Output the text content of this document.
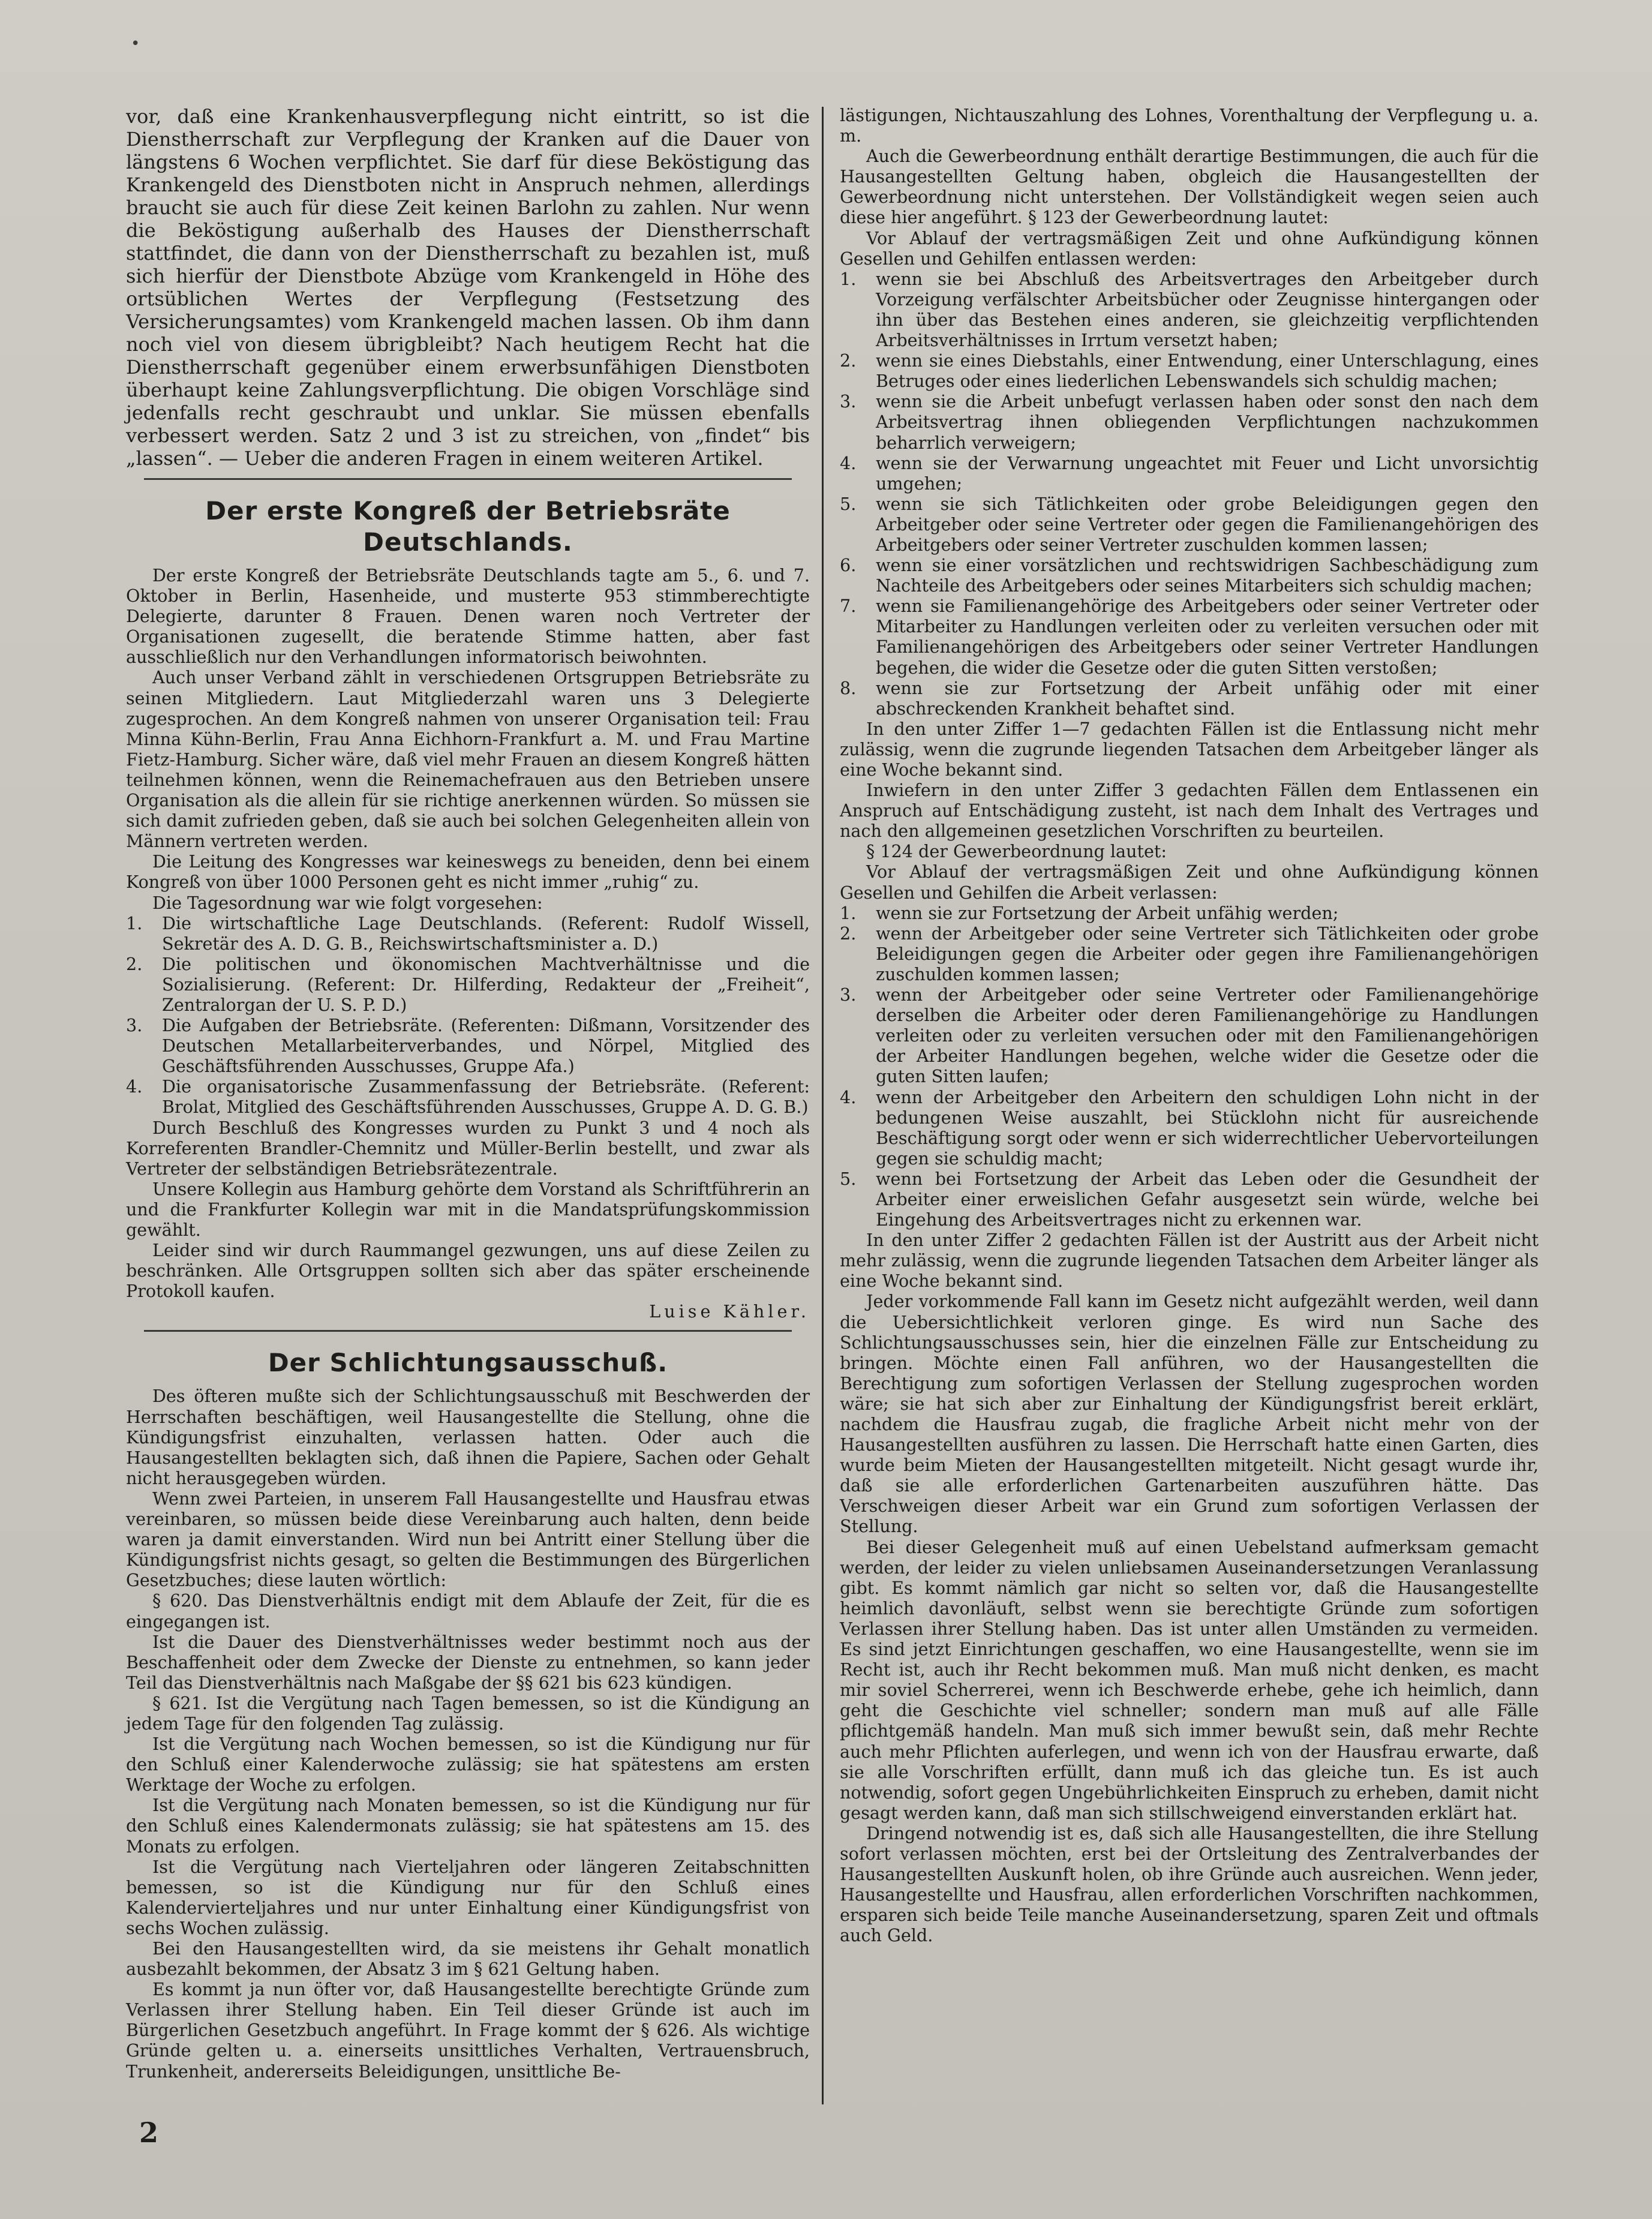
•

vor, daß eine Krankenhausverpflegung nicht eintritt, so ist die Dienstherrschaft zur Verpflegung der Kranken auf die Dauer von längstens 6 Wochen verpflichtet. Sie darf für diese Beköstigung das Krankengeld des Dienstboten nicht in Anspruch nehmen, allerdings braucht sie auch für diese Zeit keinen Barlohn zu zahlen. Nur wenn die Beköstigung außerhalb des Hauses der Dienstherrschaft stattfindet, die dann von der Dienstherrschaft zu bezahlen ist, muß sich hierfür der Dienstbote Abzüge vom Krankengeld in Höhe des ortsüblichen Wertes der Verpflegung (Festsetzung des Versicherungsamtes) vom Krankengeld machen lassen. Ob ihm dann noch viel von diesem übrigbleibt? Nach heutigem Recht hat die Dienstherrschaft gegenüber einem erwerbsunfähigen Dienstboten überhaupt keine Zahlungsverpflichtung. Die obigen Vorschläge sind jedenfalls recht geschraubt und unklar. Sie müssen ebenfalls verbessert werden. Satz 2 und 3 ist zu streichen, von „findet“ bis „lassen“. — Ueber die anderen Fragen in einem weiteren Artikel.

Der erste Kongreß der Betriebsräte Deutschlands.

Der erste Kongreß der Betriebsräte Deutschlands tagte am 5., 6. und 7. Oktober in Berlin, Hasenheide, und musterte 953 stimmberechtigte Delegierte, darunter 8 Frauen. Denen waren noch Vertreter der Organisationen zugesellt, die beratende Stimme hatten, aber fast ausschließlich nur den Verhandlungen informatorisch beiwohnten.

Auch unser Verband zählt in verschiedenen Ortsgruppen Betriebsräte zu seinen Mitgliedern. Laut Mitgliederzahl waren uns 3 Delegierte zugesprochen. An dem Kongreß nahmen von unserer Organisation teil: Frau Minna Kühn-Berlin, Frau Anna Eichhorn-Frankfurt a. M. und Frau Martine Fietz-Hamburg. Sicher wäre, daß viel mehr Frauen an diesem Kongreß hätten teilnehmen können, wenn die Reinemachefrauen aus den Betrieben unsere Organisation als die allein für sie richtige anerkennen würden. So müssen sie sich damit zufrieden geben, daß sie auch bei solchen Gelegenheiten allein von Männern vertreten werden.

Die Leitung des Kongresses war keineswegs zu beneiden, denn bei einem Kongreß von über 1000 Personen geht es nicht immer „ruhig“ zu.

Die Tagesordnung war wie folgt vorgesehen:

1.	Die wirtschaftliche Lage Deutschlands. (Referent: Rudolf Wissell, Sekretär des A. D. G. B., Reichswirtschaftsminister a. D.)
2.	Die politischen und ökonomischen Machtverhältnisse und die Sozialisierung. (Referent: Dr. Hilferding, Redakteur der „Freiheit“, Zentralorgan der U. S. P. D.)
3.	Die Aufgaben der Betriebsräte. (Referenten: Dißmann, Vorsitzender des Deutschen Metallarbeiterverbandes, und Nörpel, Mitglied des Geschäftsführenden Ausschusses, Gruppe Afa.)
4.	Die organisatorische Zusammenfassung der Betriebsräte. (Referent: Brolat, Mitglied des Geschäftsführenden Ausschusses, Gruppe A. D. G. B.)

Durch Beschluß des Kongresses wurden zu Punkt 3 und 4 noch als Korreferenten Brandler-Chemnitz und Müller-Berlin bestellt, und zwar als Vertreter der selbständigen Betriebsrätezentrale.

Unsere Kollegin aus Hamburg gehörte dem Vorstand als Schriftführerin an und die Frankfurter Kollegin war mit in die Mandatsprüfungskommission gewählt.

Leider sind wir durch Raummangel gezwungen, uns auf diese Zeilen zu beschränken. Alle Ortsgruppen sollten sich aber das später erscheinende Protokoll kaufen.

Luise Kähler.

Der Schlichtungsausschuß.

Des öfteren mußte sich der Schlichtungsausschuß mit Beschwerden der Herrschaften beschäftigen, weil Hausangestellte die Stellung, ohne die Kündigungsfrist einzuhalten, verlassen hatten. Oder auch die Hausangestellten beklagten sich, daß ihnen die Papiere, Sachen oder Gehalt nicht herausgegeben würden.

Wenn zwei Parteien, in unserem Fall Hausangestellte und Hausfrau etwas vereinbaren, so müssen beide diese Vereinbarung auch halten, denn beide waren ja damit einverstanden. Wird nun bei Antritt einer Stellung über die Kündigungsfrist nichts gesagt, so gelten die Bestimmungen des Bürgerlichen Gesetzbuches; diese lauten wörtlich:

§ 620. Das Dienstverhältnis endigt mit dem Ablaufe der Zeit, für die es eingegangen ist.

Ist die Dauer des Dienstverhältnisses weder bestimmt noch aus der Beschaffenheit oder dem Zwecke der Dienste zu entnehmen, so kann jeder Teil das Dienstverhältnis nach Maßgabe der §§ 621 bis 623 kündigen.

§ 621. Ist die Vergütung nach Tagen bemessen, so ist die Kündigung an jedem Tage für den folgenden Tag zulässig.

Ist die Vergütung nach Wochen bemessen, so ist die Kündigung nur für den Schluß einer Kalenderwoche zulässig; sie hat spätestens am ersten Werktage der Woche zu erfolgen.

Ist die Vergütung nach Monaten bemessen, so ist die Kündigung nur für den Schluß eines Kalendermonats zulässig; sie hat spätestens am 15. des Monats zu erfolgen.

Ist die Vergütung nach Vierteljahren oder längeren Zeitabschnitten bemessen, so ist die Kündigung nur für den Schluß eines Kalendervierteljahres und nur unter Einhaltung einer Kündigungsfrist von sechs Wochen zulässig.

Bei den Hausangestellten wird, da sie meistens ihr Gehalt monatlich ausbezahlt bekommen, der Absatz 3 im § 621 Geltung haben.

Es kommt ja nun öfter vor, daß Hausangestellte berechtigte Gründe zum Verlassen ihrer Stellung haben. Ein Teil dieser Gründe ist auch im Bürgerlichen Gesetzbuch angeführt. In Frage kommt der § 626. Als wichtige Gründe gelten u. a. einerseits unsittliches Verhalten, Vertrauensbruch, Trunkenheit, andererseits Beleidigungen, unsittliche Be-

lästigungen, Nichtauszahlung des Lohnes, Vorenthaltung der Verpflegung u. a. m.

Auch die Gewerbeordnung enthält derartige Bestimmungen, die auch für die Hausangestellten Geltung haben, obgleich die Hausangestellten der Gewerbeordnung nicht unterstehen. Der Vollständigkeit wegen seien auch diese hier angeführt. § 123 der Gewerbeordnung lautet:

Vor Ablauf der vertragsmäßigen Zeit und ohne Aufkündigung können Gesellen und Gehilfen entlassen werden:

1.	wenn sie bei Abschluß des Arbeitsvertrages den Arbeitgeber durch Vorzeigung verfälschter Arbeitsbücher oder Zeugnisse hintergangen oder ihn über das Bestehen eines anderen, sie gleichzeitig verpflichtenden Arbeitsverhältnisses in Irrtum versetzt haben;
2.	wenn sie eines Diebstahls, einer Entwendung, einer Unterschlagung, eines Betruges oder eines liederlichen Lebenswandels sich schuldig machen;
3.	wenn sie die Arbeit unbefugt verlassen haben oder sonst den nach dem Arbeitsvertrag ihnen obliegenden Verpflichtungen nachzukommen beharrlich verweigern;
4.	wenn sie der Verwarnung ungeachtet mit Feuer und Licht unvorsichtig umgehen;
5.	wenn sie sich Tätlichkeiten oder grobe Beleidigungen gegen den Arbeitgeber oder seine Vertreter oder gegen die Familienangehörigen des Arbeitgebers oder seiner Vertreter zuschulden kommen lassen;
6.	wenn sie einer vorsätzlichen und rechtswidrigen Sachbeschädigung zum Nachteile des Arbeitgebers oder seines Mitarbeiters sich schuldig machen;
7.	wenn sie Familienangehörige des Arbeitgebers oder seiner Vertreter oder Mitarbeiter zu Handlungen verleiten oder zu verleiten versuchen oder mit Familienangehörigen des Arbeitgebers oder seiner Vertreter Handlungen begehen, die wider die Gesetze oder die guten Sitten verstoßen;
8.	wenn sie zur Fortsetzung der Arbeit unfähig oder mit einer abschreckenden Krankheit behaftet sind.

In den unter Ziffer 1—7 gedachten Fällen ist die Entlassung nicht mehr zulässig, wenn die zugrunde liegenden Tatsachen dem Arbeitgeber länger als eine Woche bekannt sind.

Inwiefern in den unter Ziffer 3 gedachten Fällen dem Entlassenen ein Anspruch auf Entschädigung zusteht, ist nach dem Inhalt des Vertrages und nach den allgemeinen gesetzlichen Vorschriften zu beurteilen.

§ 124 der Gewerbeordnung lautet:

Vor Ablauf der vertragsmäßigen Zeit und ohne Aufkündigung können Gesellen und Gehilfen die Arbeit verlassen:

1.	wenn sie zur Fortsetzung der Arbeit unfähig werden;
2.	wenn der Arbeitgeber oder seine Vertreter sich Tätlichkeiten oder grobe Beleidigungen gegen die Arbeiter oder gegen ihre Familienangehörigen zuschulden kommen lassen;
3.	wenn der Arbeitgeber oder seine Vertreter oder Familienangehörige derselben die Arbeiter oder deren Familienangehörige zu Handlungen verleiten oder zu verleiten versuchen oder mit den Familienangehörigen der Arbeiter Handlungen begehen, welche wider die Gesetze oder die guten Sitten laufen;
4.	wenn der Arbeitgeber den Arbeitern den schuldigen Lohn nicht in der bedungenen Weise auszahlt, bei Stücklohn nicht für ausreichende Beschäftigung sorgt oder wenn er sich widerrechtlicher Uebervorteilungen gegen sie schuldig macht;
5.	wenn bei Fortsetzung der Arbeit das Leben oder die Gesundheit der Arbeiter einer erweislichen Gefahr ausgesetzt sein würde, welche bei Eingehung des Arbeitsvertrages nicht zu erkennen war.

In den unter Ziffer 2 gedachten Fällen ist der Austritt aus der Arbeit nicht mehr zulässig, wenn die zugrunde liegenden Tatsachen dem Arbeiter länger als eine Woche bekannt sind.

Jeder vorkommende Fall kann im Gesetz nicht aufgezählt werden, weil dann die Uebersichtlichkeit verloren ginge. Es wird nun Sache des Schlichtungsausschusses sein, hier die einzelnen Fälle zur Entscheidung zu bringen. Möchte einen Fall anführen, wo der Hausangestellten die Berechtigung zum sofortigen Verlassen der Stellung zugesprochen worden wäre; sie hat sich aber zur Einhaltung der Kündigungsfrist bereit erklärt, nachdem die Hausfrau zugab, die fragliche Arbeit nicht mehr von der Hausangestellten ausführen zu lassen. Die Herrschaft hatte einen Garten, dies wurde beim Mieten der Hausangestellten mitgeteilt. Nicht gesagt wurde ihr, daß sie alle erforderlichen Gartenarbeiten auszuführen hätte. Das Verschweigen dieser Arbeit war ein Grund zum sofortigen Verlassen der Stellung.

Bei dieser Gelegenheit muß auf einen Uebelstand aufmerksam gemacht werden, der leider zu vielen unliebsamen Auseinandersetzungen Veranlassung gibt. Es kommt nämlich gar nicht so selten vor, daß die Hausangestellte heimlich davonläuft, selbst wenn sie berechtigte Gründe zum sofortigen Verlassen ihrer Stellung haben. Das ist unter allen Umständen zu vermeiden. Es sind jetzt Einrichtungen geschaffen, wo eine Hausangestellte, wenn sie im Recht ist, auch ihr Recht bekommen muß. Man muß nicht denken, es macht mir soviel Scherrerei, wenn ich Beschwerde erhebe, gehe ich heimlich, dann geht die Geschichte viel schneller; sondern man muß auf alle Fälle pflichtgemäß handeln. Man muß sich immer bewußt sein, daß mehr Rechte auch mehr Pflichten auferlegen, und wenn ich von der Hausfrau erwarte, daß sie alle Vorschriften erfüllt, dann muß ich das gleiche tun. Es ist auch notwendig, sofort gegen Ungebührlichkeiten Einspruch zu erheben, damit nicht gesagt werden kann, daß man sich stillschweigend einverstanden erklärt hat.

Dringend notwendig ist es, daß sich alle Hausangestellten, die ihre Stellung sofort verlassen möchten, erst bei der Ortsleitung des Zentralverbandes der Hausangestellten Auskunft holen, ob ihre Gründe auch ausreichen. Wenn jeder, Hausangestellte und Hausfrau, allen erforderlichen Vorschriften nachkommen, ersparen sich beide Teile manche Auseinandersetzung, sparen Zeit und oftmals auch Geld.

2
